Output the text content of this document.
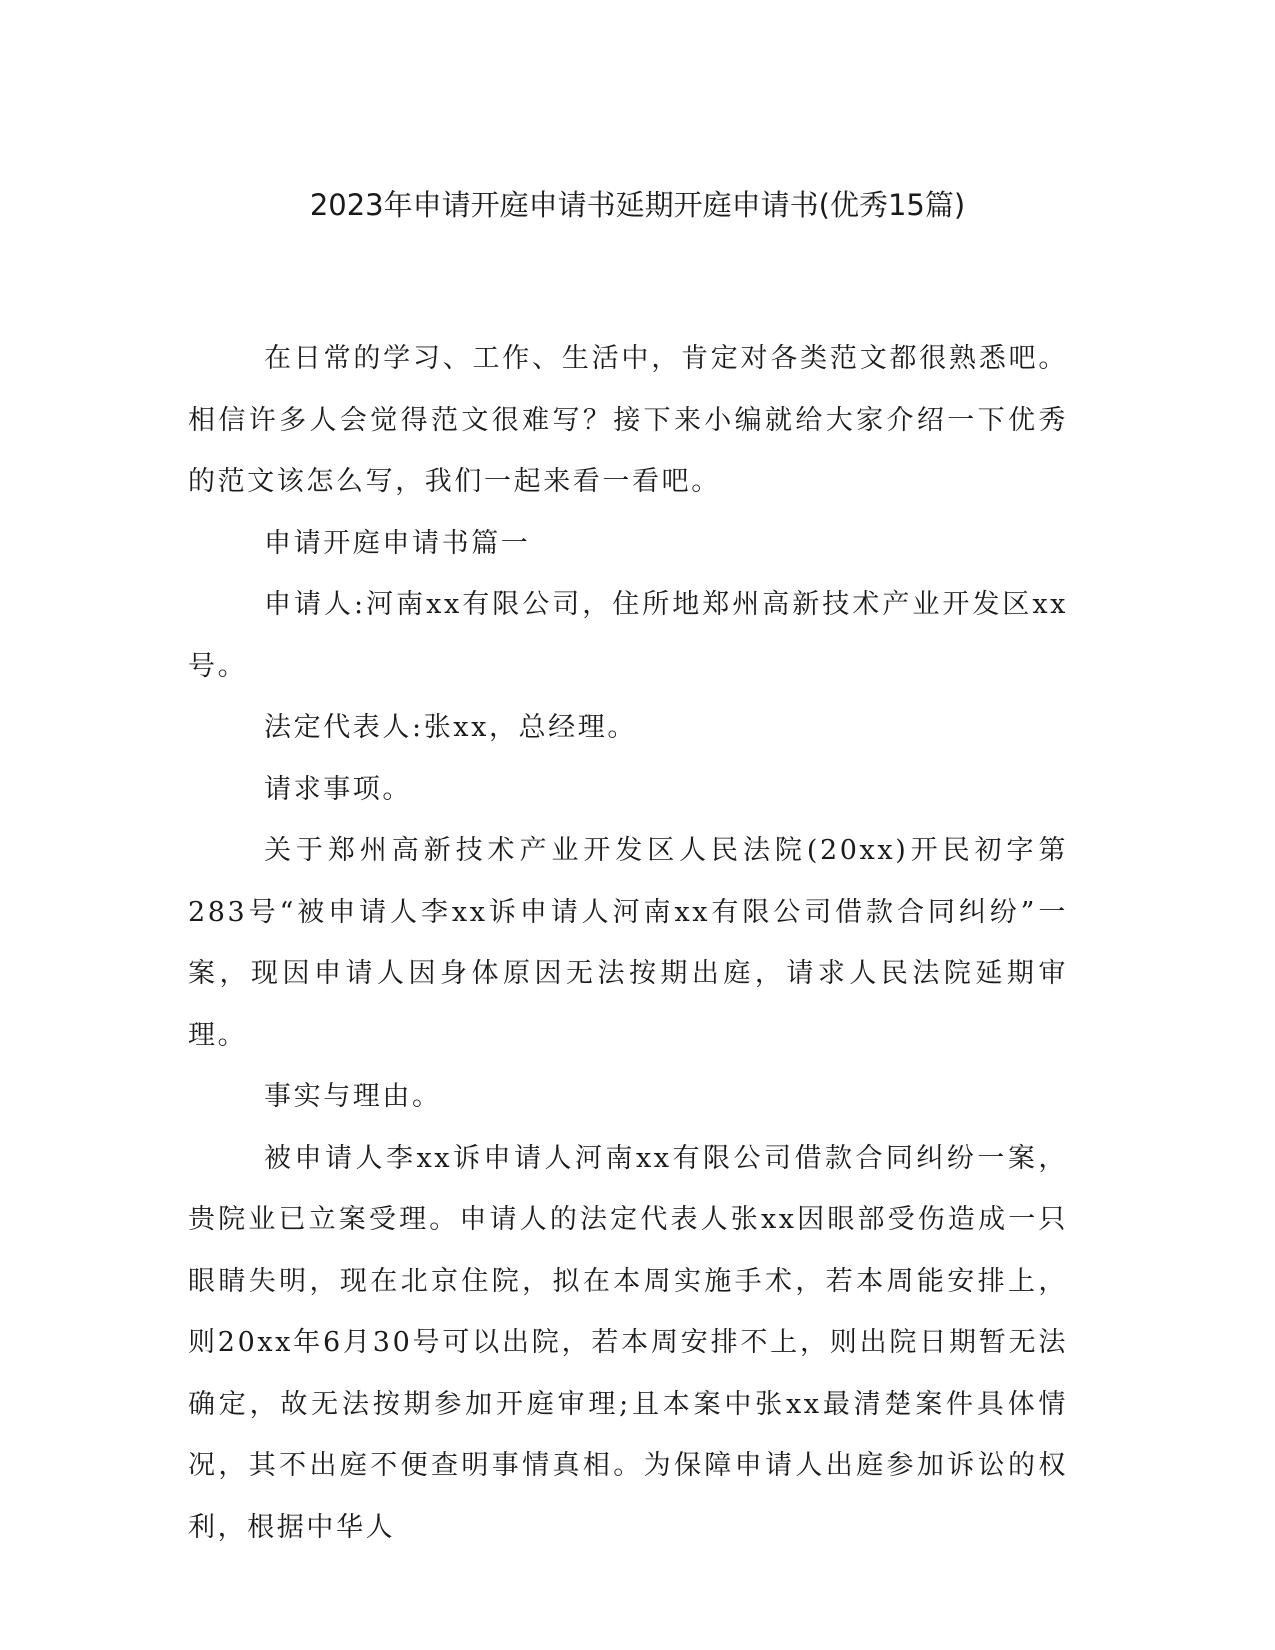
2023年申请开庭申请书延期开庭申请书(优秀15篇)

在日常的学习、工作、生活中，肯定对各类范文都很熟悉吧。相信许多人会觉得范文很难写？接下来小编就给大家介绍一下优秀的范文该怎么写，我们一起来看一看吧。

申请开庭申请书篇一

申请人:河南xx有限公司，住所地郑州高新技术产业开发区xx号。

法定代表人:张xx，总经理。

请求事项。

关于郑州高新技术产业开发区人民法院(20xx)开民初字第283号“被申请人李xx诉申请人河南xx有限公司借款合同纠纷”一案，现因申请人因身体原因无法按期出庭，请求人民法院延期审理。

事实与理由。

被申请人李xx诉申请人河南xx有限公司借款合同纠纷一案，贵院业已立案受理。申请人的法定代表人张xx因眼部受伤造成一只眼睛失明，现在北京住院，拟在本周实施手术，若本周能安排上，则20xx年6月30号可以出院，若本周安排不上，则出院日期暂无法确定，故无法按期参加开庭审理;且本案中张xx最清楚案件具体情况，其不出庭不便查明事情真相。为保障申请人出庭参加诉讼的权利，根据中华人
